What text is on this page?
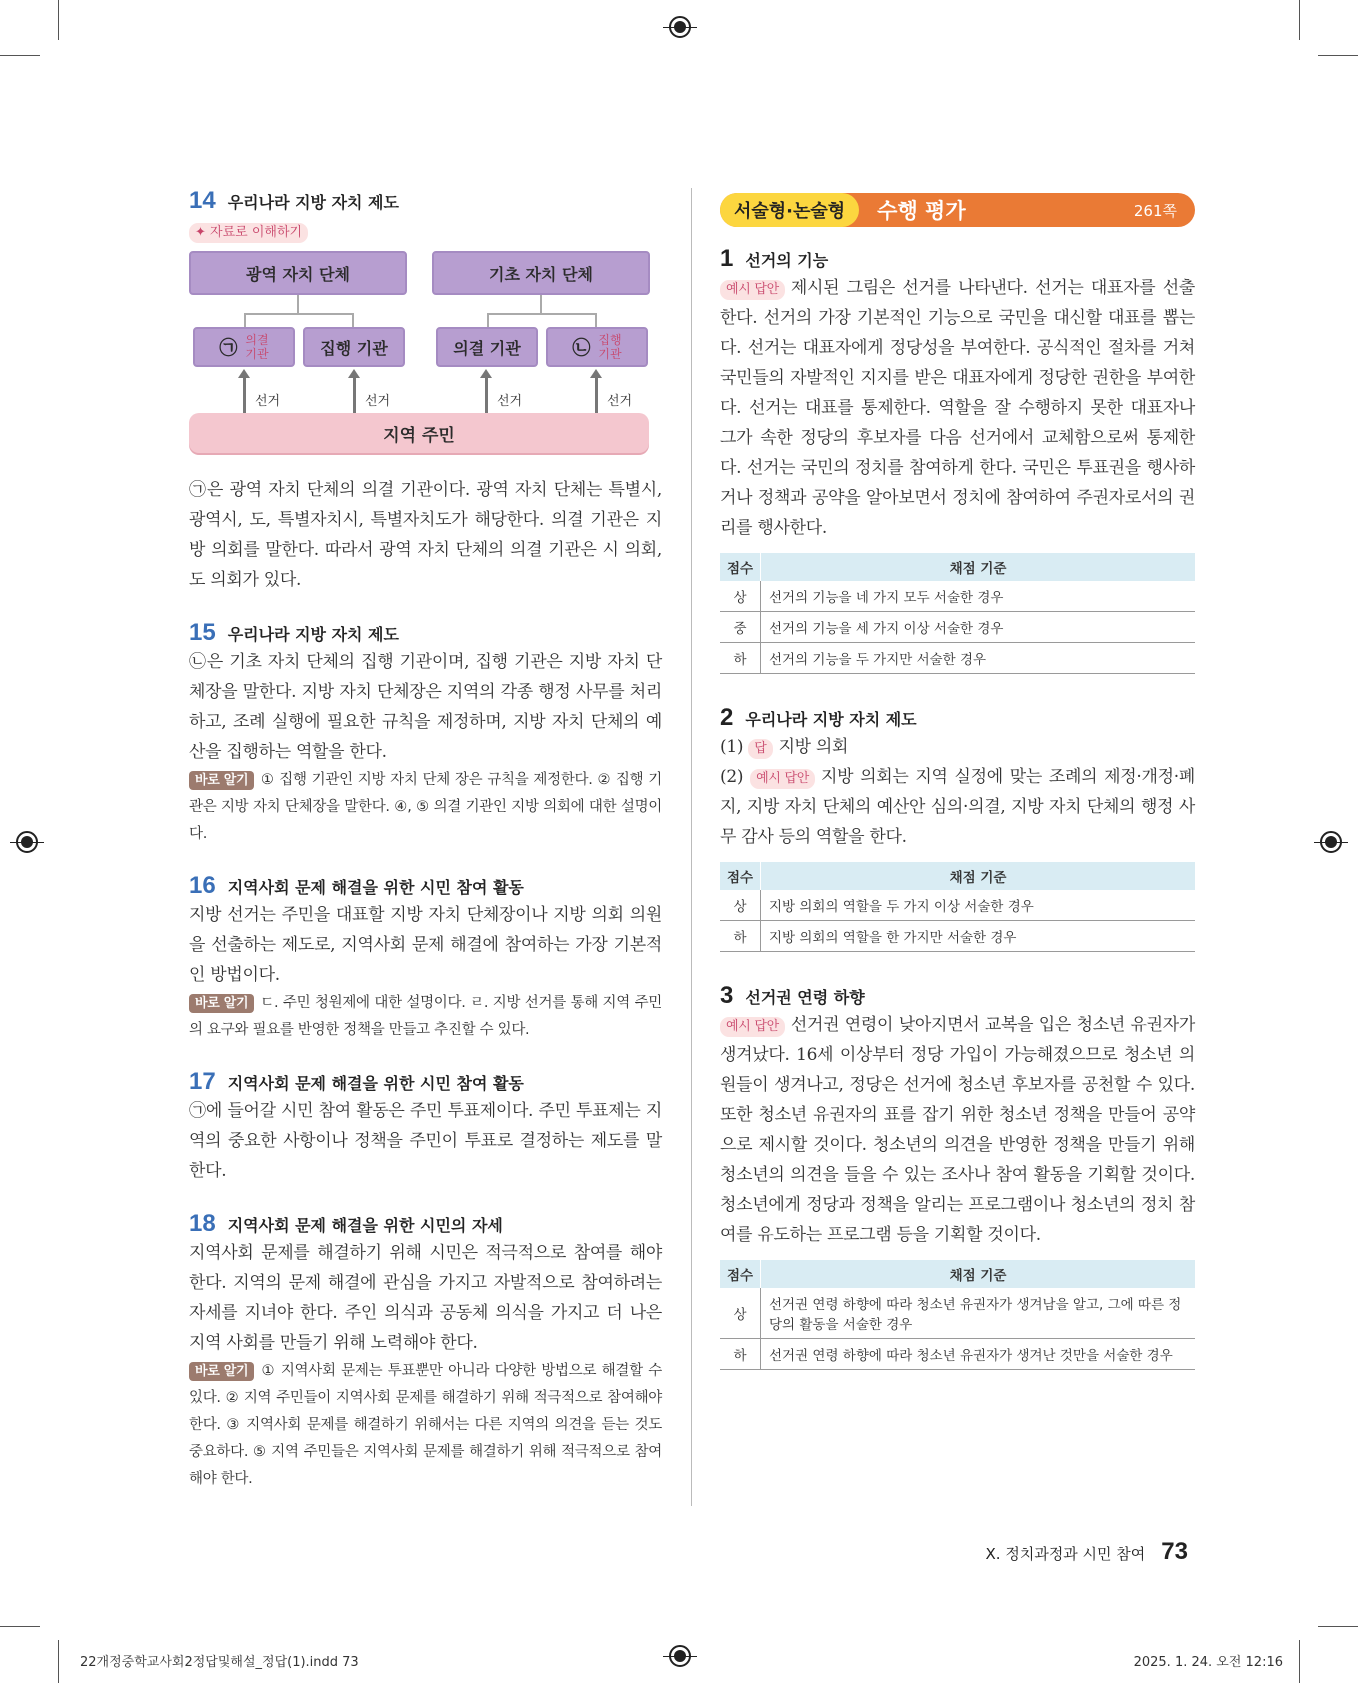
14 우리나라 지방 자치 제도
✦ 자료로 이해하기
광역 자치 단체	기초 자치 단체
㉠ 의결
기관	집행 기관	의결 기관	㉡ 집행
기관
선거	선거	선거	선거
지역 주민

㉠은 광역 자치 단체의 의결 기관이다. 광역 자치 단체는 특별시, 광역시, 도, 특별자치시, 특별자치도가 해당한다. 의결 기관은 지방 의회를 말한다. 따라서 광역 자치 단체의 의결 기관은 시 의회, 도 의회가 있다.

15 우리나라 지방 자치 제도

㉡은 기초 자치 단체의 집행 기관이며, 집행 기관은 지방 자치 단체장을 말한다. 지방 자치 단체장은 지역의 각종 행정 사무를 처리하고, 조례 실행에 필요한 규칙을 제정하며, 지방 자치 단체의 예산을 집행하는 역할을 한다.

바로 알기 ① 집행 기관인 지방 자치 단체 장은 규칙을 제정한다. ② 집행 기관은 지방 자치 단체장을 말한다. ④, ⑤ 의결 기관인 지방 의회에 대한 설명이다.

16 지역사회 문제 해결을 위한 시민 참여 활동

지방 선거는 주민을 대표할 지방 자치 단체장이나 지방 의회 의원을 선출하는 제도로, 지역사회 문제 해결에 참여하는 가장 기본적인 방법이다.

바로 알기 ㄷ. 주민 청원제에 대한 설명이다. ㄹ. 지방 선거를 통해 지역 주민의 요구와 필요를 반영한 정책을 만들고 추진할 수 있다.

17 지역사회 문제 해결을 위한 시민 참여 활동

㉠에 들어갈 시민 참여 활동은 주민 투표제이다. 주민 투표제는 지역의 중요한 사항이나 정책을 주민이 투표로 결정하는 제도를 말한다.

18 지역사회 문제 해결을 위한 시민의 자세

지역사회 문제를 해결하기 위해 시민은 적극적으로 참여를 해야 한다. 지역의 문제 해결에 관심을 가지고 자발적으로 참여하려는 자세를 지녀야 한다. 주인 의식과 공동체 의식을 가지고 더 나은 지역 사회를 만들기 위해 노력해야 한다.

바로 알기 ① 지역사회 문제는 투표뿐만 아니라 다양한 방법으로 해결할 수 있다. ② 지역 주민들이 지역사회 문제를 해결하기 위해 적극적으로 참여해야 한다. ③ 지역사회 문제를 해결하기 위해서는 다른 지역의 의견을 듣는 것도 중요하다. ⑤ 지역 주민들은 지역사회 문제를 해결하기 위해 적극적으로 참여해야 한다.

서술형·논술형	수행 평가	261쪽
1 선거의 기능

예시 답안 제시된 그림은 선거를 나타낸다. 선거는 대표자를 선출한다. 선거의 가장 기본적인 기능으로 국민을 대신할 대표를 뽑는다. 선거는 대표자에게 정당성을 부여한다. 공식적인 절차를 거쳐 국민들의 자발적인 지지를 받은 대표자에게 정당한 권한을 부여한다. 선거는 대표를 통제한다. 역할을 잘 수행하지 못한 대표자나 그가 속한 정당의 후보자를 다음 선거에서 교체함으로써 통제한다. 선거는 국민의 정치를 참여하게 한다. 국민은 투표권을 행사하거나 정책과 공약을 알아보면서 정치에 참여하여 주권자로서의 권리를 행사한다.

점수	채점 기준
상	선거의 기능을 네 가지 모두 서술한 경우
중	선거의 기능을 세 가지 이상 서술한 경우
하	선거의 기능을 두 가지만 서술한 경우
2 우리나라 지방 자치 제도

(1) 답 지방 의회

(2) 예시 답안 지방 의회는 지역 실정에 맞는 조례의 제정·개정·폐지, 지방 자치 단체의 예산안 심의·의결, 지방 자치 단체의 행정 사무 감사 등의 역할을 한다.

점수	채점 기준
상	지방 의회의 역할을 두 가지 이상 서술한 경우
하	지방 의회의 역할을 한 가지만 서술한 경우
3 선거권 연령 하향

예시 답안 선거권 연령이 낮아지면서 교복을 입은 청소년 유권자가 생겨났다. 16세 이상부터 정당 가입이 가능해졌으므로 청소년 의원들이 생겨나고, 정당은 선거에 청소년 후보자를 공천할 수 있다. 또한 청소년 유권자의 표를 잡기 위한 청소년 정책을 만들어 공약으로 제시할 것이다. 청소년의 의견을 반영한 정책을 만들기 위해 청소년의 의견을 들을 수 있는 조사나 참여 활동을 기획할 것이다. 청소년에게 정당과 정책을 알리는 프로그램이나 청소년의 정치 참여를 유도하는 프로그램 등을 기획할 것이다.

점수	채점 기준
상	선거권 연령 하향에 따라 청소년 유권자가 생겨남을 알고, 그에 따른 정당의 활동을 서술한 경우
하	선거권 연령 하향에 따라 청소년 유권자가 생겨난 것만을 서술한 경우
X. 정치과정과 시민 참여 73
22개정중학교사회2정답및해설_정답(1).indd 73	2025. 1. 24. 오전 12:16
